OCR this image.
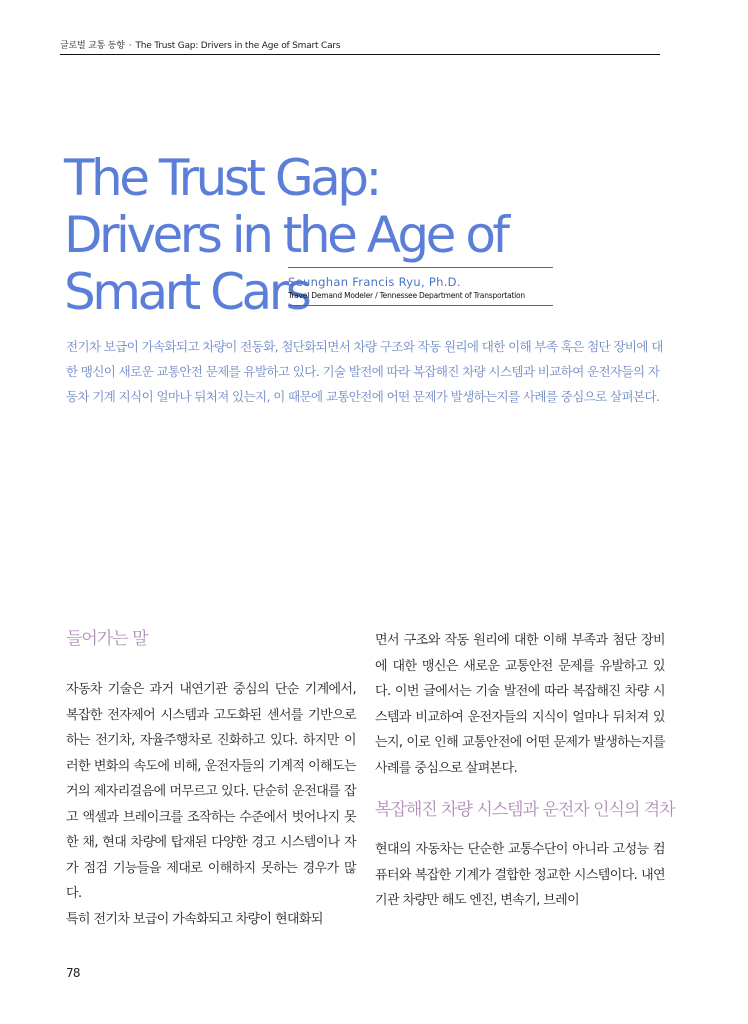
글로벌 교통 동향 · The Trust Gap: Drivers in the Age of Smart Cars
The Trust Gap:
Drivers in the Age of
Smart Cars
Seunghan Francis Ryu, Ph.D.
Travel Demand Modeler / Tennessee Department of Transportation

전기차 보급이 가속화되고 차량이 전동화, 첨단화되면서 차량 구조와 작동 원리에 대한 이해 부족 혹은 첨단 장비에 대한 맹신이 새로운 교통안전 문제를 유발하고 있다. 기술 발전에 따라 복잡해진 차량 시스템과 비교하여 운전자들의 자동차 기계 지식이 얼마나 뒤처져 있는지, 이 때문에 교통안전에 어떤 문제가 발생하는지를 사례를 중심으로 살펴본다.

들어가는 말

자동차 기술은 과거 내연기관 중심의 단순 기계에서, 복잡한 전자제어 시스템과 고도화된 센서를 기반으로 하는 전기차, 자율주행차로 진화하고 있다. 하지만 이러한 변화의 속도에 비해, 운전자들의 기계적 이해도는 거의 제자리걸음에 머무르고 있다. 단순히 운전대를 잡고 액셀과 브레이크를 조작하는 수준에서 벗어나지 못한 채, 현대 차량에 탑재된 다양한 경고 시스템이나 자가 점검 기능들을 제대로 이해하지 못하는 경우가 많다.

특히 전기차 보급이 가속화되고 차량이 현대화되

면서 구조와 작동 원리에 대한 이해 부족과 첨단 장비에 대한 맹신은 새로운 교통안전 문제를 유발하고 있다. 이번 글에서는 기술 발전에 따라 복잡해진 차량 시스템과 비교하여 운전자들의 지식이 얼마나 뒤처져 있는지, 이로 인해 교통안전에 어떤 문제가 발생하는지를 사례를 중심으로 살펴본다.

복잡해진 차량 시스템과 운전자 인식의 격차

현대의 자동차는 단순한 교통수단이 아니라 고성능 컴퓨터와 복잡한 기계가 결합한 정교한 시스템이다. 내연기관 차량만 해도 엔진, 변속기, 브레이

78
